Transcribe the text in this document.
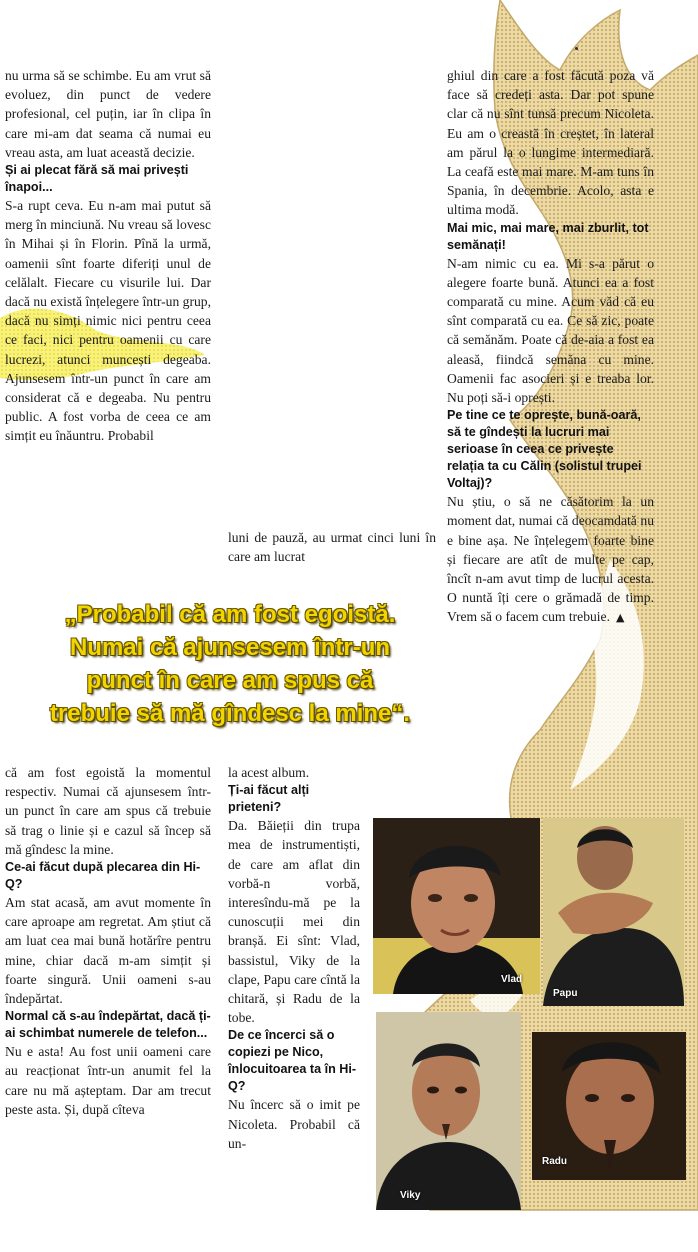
nu urma să se schimbe. Eu am vrut să evoluez, din punct de vedere profesional, cel puțin, iar în clipa în care mi-am dat seama că numai eu vreau asta, am luat această decizie.

Și ai plecat fără să mai privești înapoi...

S-a rupt ceva. Eu n-am mai putut să merg în minciună. Nu vreau să lovesc în Mihai și în Florin. Pînă la urmă, oamenii sînt foarte diferiți unul de celălalt. Fiecare cu visurile lui. Dar dacă nu există înțelegere într-un grup, dacă nu simți nimic nici pentru ceea ce faci, nici pentru oamenii cu care lucrezi, atunci muncești degeaba. Ajunsesem într-un punct în care am considerat că e degeaba. Nu pentru public. A fost vorba de ceea ce am simțit eu înăuntru. Probabil

luni de pauză, au urmat cinci luni în care am lucrat

ghiul din care a fost făcută poza vă face să credeți asta. Dar pot spune clar că nu sînt tunsă precum Nicoleta. Eu am o creastă în creștet, în lateral am părul la o lungime intermediară. La ceafă este mai mare. M-am tuns în Spania, în decembrie. Acolo, asta e ultima modă.

Mai mic, mai mare, mai zburlit, tot semănați!

N-am nimic cu ea. Mi s-a părut o alegere foarte bună. Atunci ea a fost comparată cu mine. Acum văd că eu sînt comparată cu ea. Ce să zic, poate că semănăm. Poate că de-aia a fost ea aleasă, fiindcă semăna cu mine. Oamenii fac asocieri și e treaba lor. Nu poți să-i oprești.

Pe tine ce te oprește, bună-oară, să te gîndești la lucruri mai serioase în ceea ce privește relația ta cu Călin (solistul trupei Voltaj)?

Nu știu, o să ne căsătorim la un moment dat, numai că deocamdată nu e bine așa. Ne înțelegem foarte bine și fiecare are atît de multe pe cap, încît n-am avut timp de lucrul acesta. O nuntă îți cere o grămadă de timp. Vrem să o facem cum trebuie. ▲

„Probabil că am fost egoistă.

Numai că ajunsesem într-un

punct în care am spus că

trebuie să mă gîndesc la mine“.

că am fost egoistă la momentul respectiv. Numai că ajunsesem într-un punct în care am spus că trebuie să trag o linie și e cazul să încep să mă gîndesc la mine.

Ce-ai făcut după plecarea din Hi-Q?

Am stat acasă, am avut momente în care aproape am regretat. Am știut că am luat cea mai bună hotărîre pentru mine, chiar dacă m-am simțit și foarte singură. Unii oameni s-au îndepărtat.

Normal că s-au îndepărtat, dacă ți-ai schimbat numerele de telefon...

Nu e asta! Au fost unii oameni care au reacționat într-un anumit fel la care nu mă așteptam. Dar am trecut peste asta. Și, după cîteva

la acest album.

Ți-ai făcut alți prieteni?

Da. Băieții din trupa mea de instrumentiști, de care am aflat din vorbă-n vorbă, interesîndu-mă pe la cunoscuții mei din branșă. Ei sînt: Vlad, bassistul, Viky de la clape, Papu care cîntă la chitară, și Radu de la tobe.

De ce încerci să o copiezi pe Nico, înlocuitoarea ta în Hi-Q?

Nu încerc să o imit pe Nicoleta. Probabil că un-

Vlad
Papu
Viky
Radu
